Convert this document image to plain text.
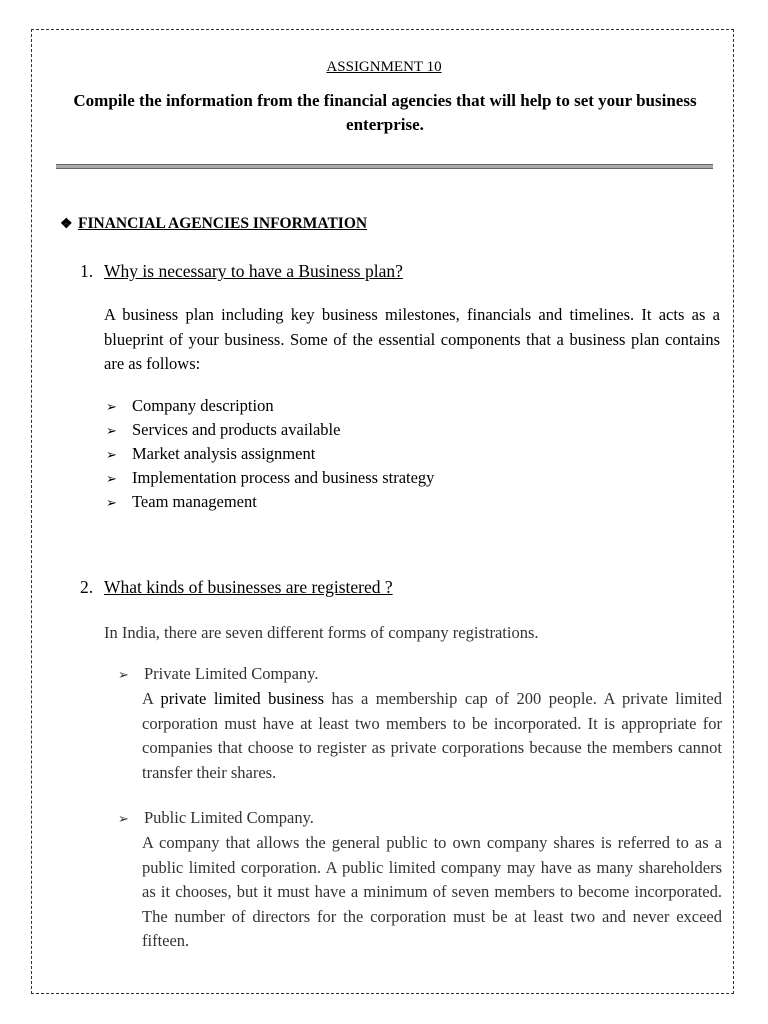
ASSIGNMENT 10
Compile the information from the financial agencies that will help to set your business enterprise.
❖ FINANCIAL AGENCIES INFORMATION
1. Why is necessary to have a Business plan?
A business plan including key business milestones, financials and timelines. It acts as a blueprint of your business. Some of the essential components that a business plan contains are as follows:
➢ Company description
➢ Services and products available
➢ Market analysis assignment
➢ Implementation process and business strategy
➢ Team management
2. What kinds of businesses are registered ?
In India, there are seven different forms of company registrations.
➢ Private Limited Company.
A private limited business has a membership cap of 200 people. A private limited corporation must have at least two members to be incorporated. It is appropriate for companies that choose to register as private corporations because the members cannot transfer their shares.
➢ Public Limited Company.
A company that allows the general public to own company shares is referred to as a public limited corporation. A public limited company may have as many shareholders as it chooses, but it must have a minimum of seven members to become incorporated. The number of directors for the corporation must be at least two and never exceed fifteen.
